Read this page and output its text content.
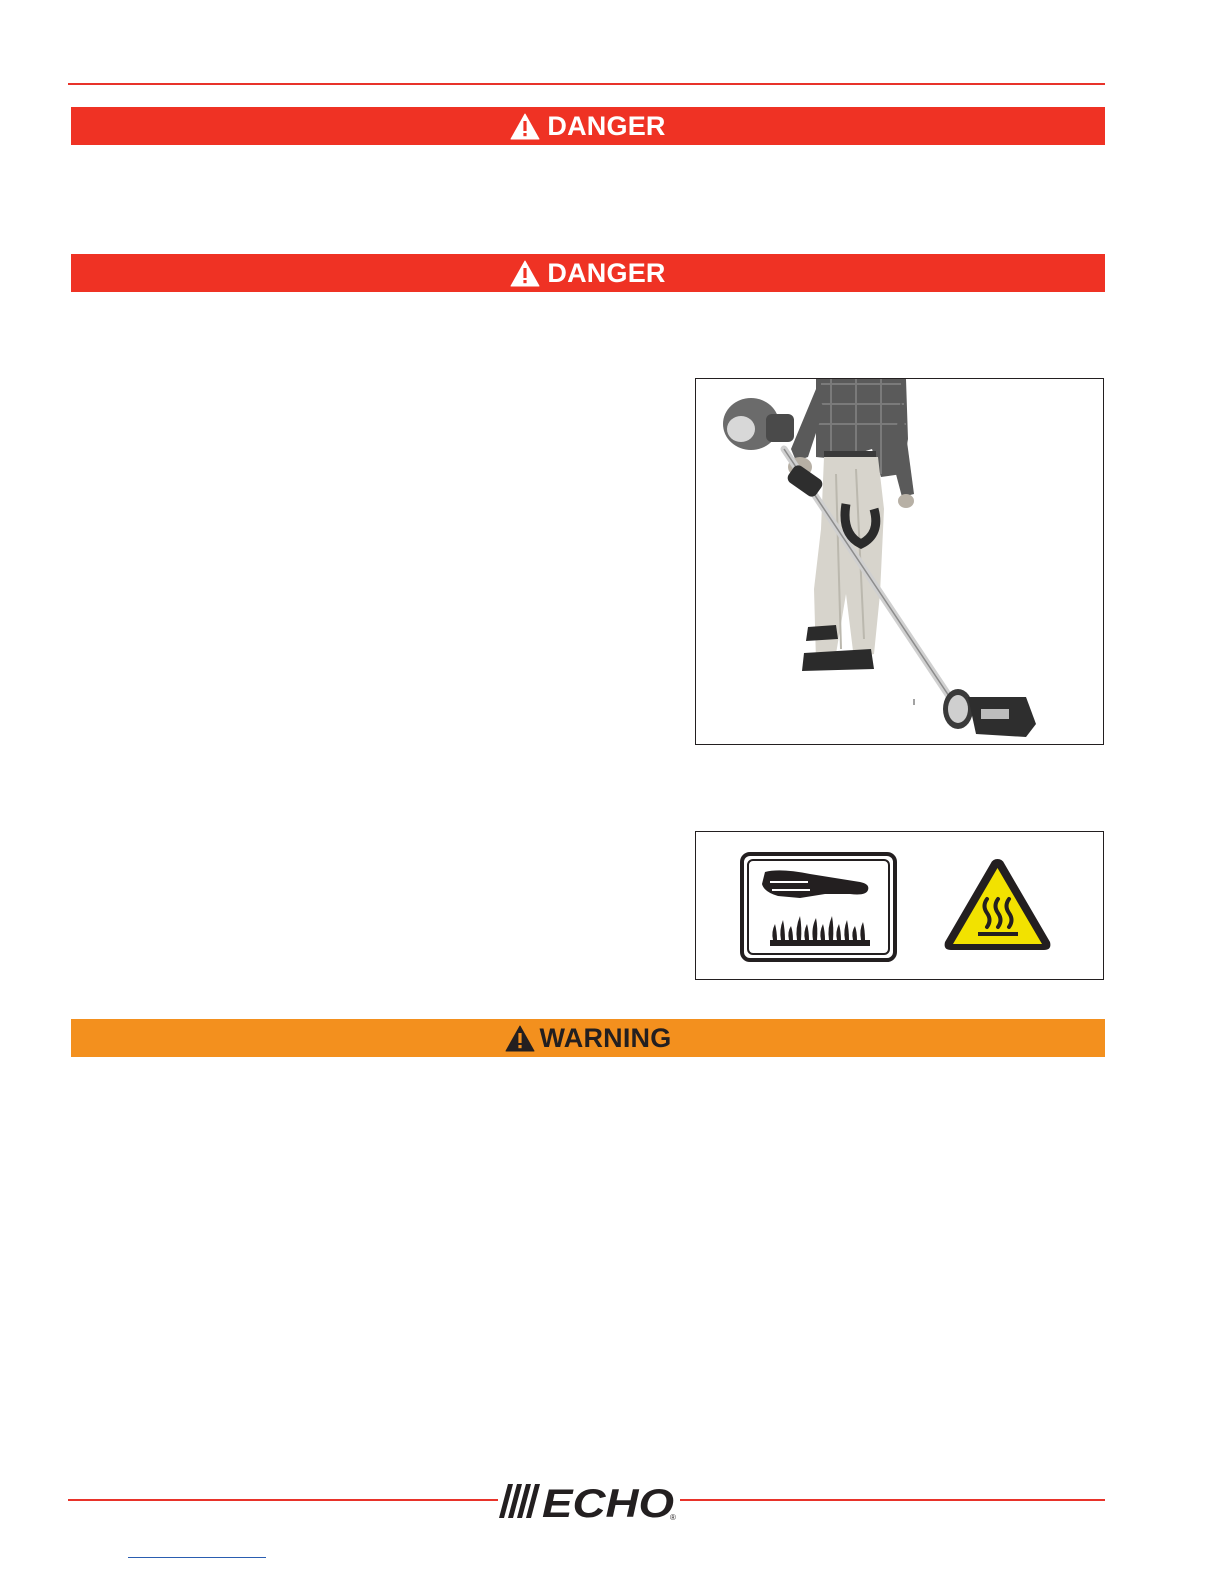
DANGER
DANGER
WARNING
ECHO
®
